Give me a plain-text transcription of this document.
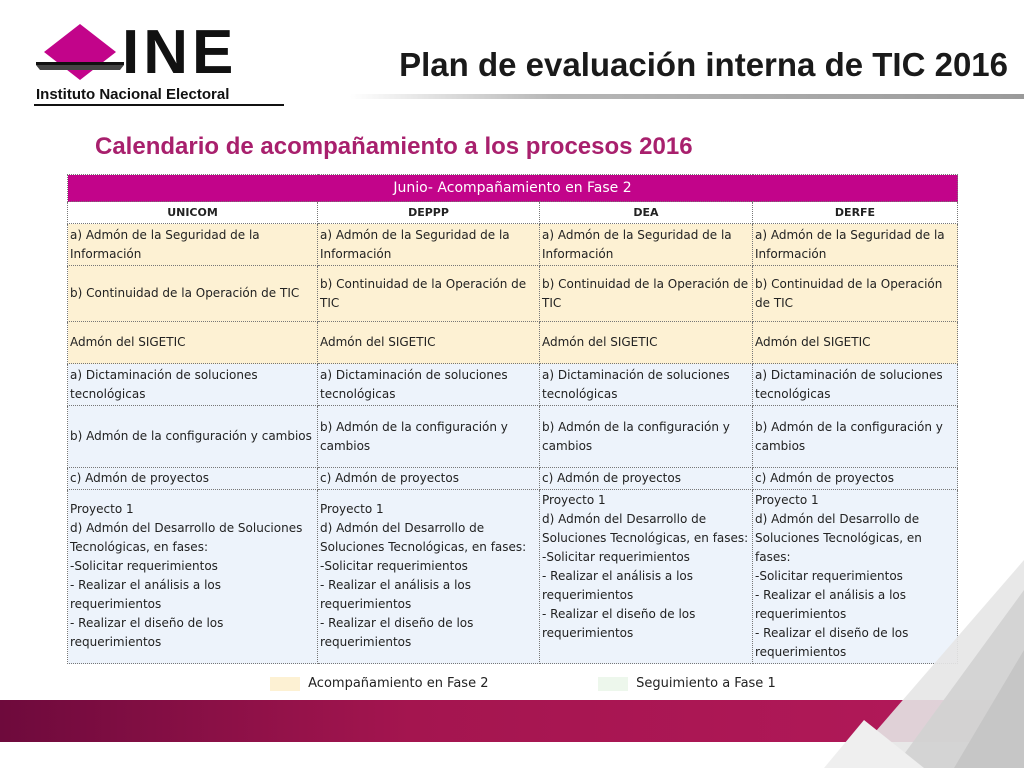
INE
Instituto Nacional Electoral
Plan de evaluación interna de TIC 2016
Calendario de acompañamiento a los procesos 2016
Junio- Acompañamiento en Fase 2			
UNICOM	DEPPP	DEA	DERFE
a) Admón de la Seguridad de la Información	a) Admón de la Seguridad de la Información	a) Admón de la Seguridad de la Información	a) Admón de la Seguridad de la Información
b) Continuidad de la Operación de TIC	b) Continuidad de la Operación de TIC	b) Continuidad de la Operación de TIC	b) Continuidad de la Operación de TIC
Admón del SIGETIC	Admón del SIGETIC	Admón del SIGETIC	Admón del SIGETIC
a) Dictaminación de soluciones tecnológicas	a) Dictaminación de soluciones tecnológicas	a) Dictaminación de soluciones tecnológicas	a) Dictaminación de soluciones tecnológicas
b) Admón de la configuración y cambios	b) Admón de la configuración y cambios	b) Admón de la configuración y cambios	b) Admón de la configuración y cambios
c) Admón de proyectos	c) Admón de proyectos	c) Admón de proyectos	c) Admón de proyectos
Proyecto 1
d) Admón del Desarrollo de Soluciones Tecnológicas, en fases:
-Solicitar requerimientos
- Realizar el análisis a los requerimientos
- Realizar el diseño de los requerimientos	Proyecto 1
d) Admón del Desarrollo de Soluciones Tecnológicas, en fases:
-Solicitar requerimientos
- Realizar el análisis a los requerimientos
- Realizar el diseño de los requerimientos	Proyecto 1
d) Admón del Desarrollo de Soluciones Tecnológicas, en fases:
-Solicitar requerimientos
- Realizar el análisis a los requerimientos
- Realizar el diseño de los requerimientos	Proyecto 1
d) Admón del Desarrollo de Soluciones Tecnológicas, en fases:
-Solicitar requerimientos
- Realizar el análisis a los requerimientos
- Realizar el diseño de los requerimientos
Acompañamiento en Fase 2	Seguimiento a Fase 1
